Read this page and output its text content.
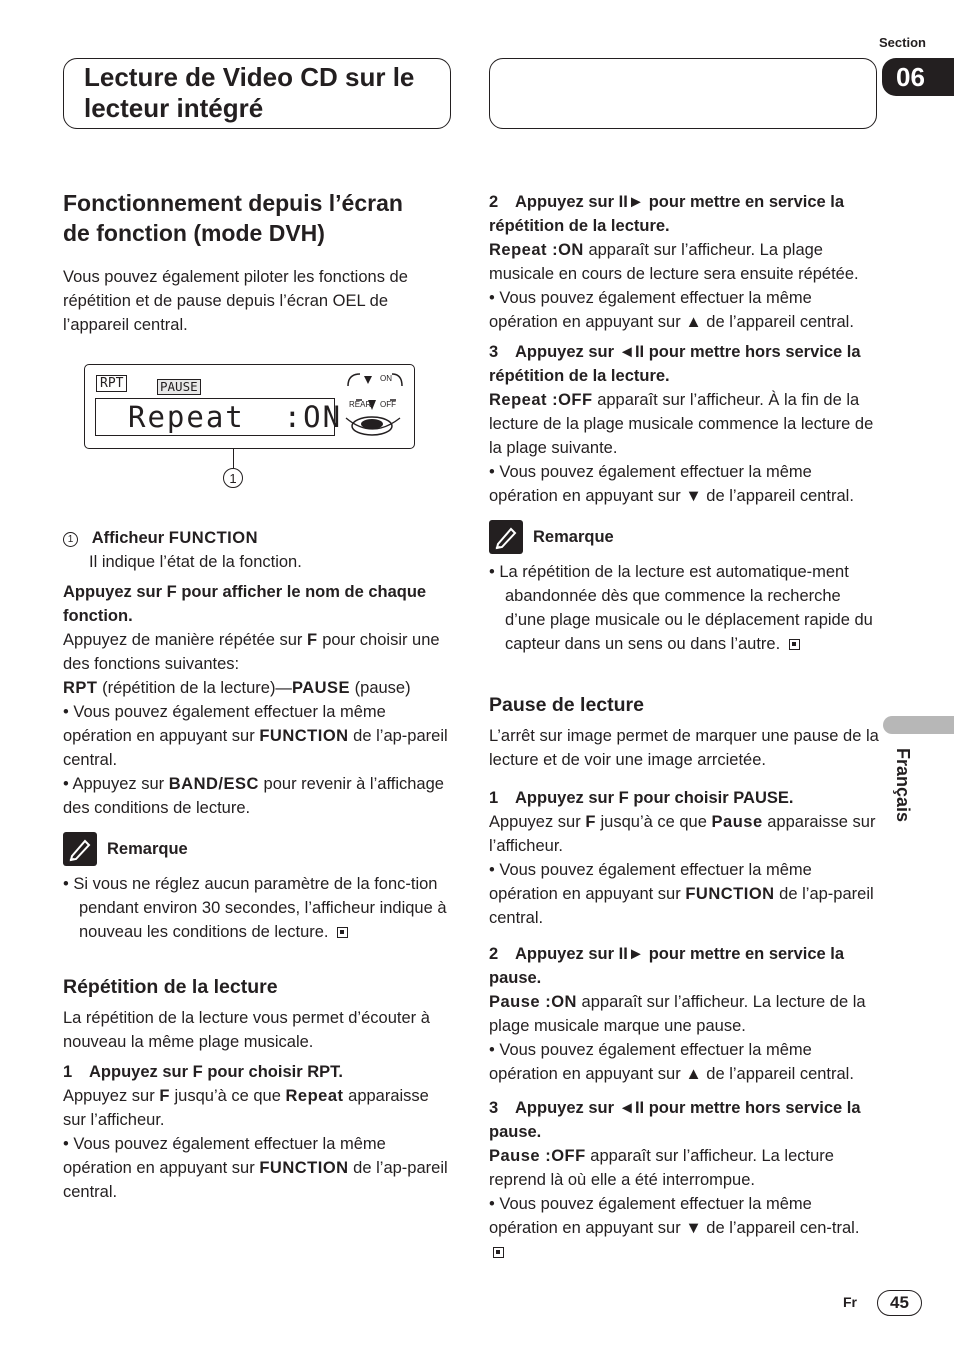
Section
06
Lecture de Video CD sur le
lecteur intégré
Fonctionnement depuis l’écran
de fonction (mode DVH)

Vous pouvez également piloter les fonctions de répétition et de pause depuis l’écran OEL de l’appareil central.

RPT	PAUSE
Repeat  :ON
ON
REAR OFF
1

1 Afficheur FUNCTION

Il indique l’état de la fonction.

Appuyez sur F pour afficher le nom de chaque fonction.

Appuyez de manière répétée sur F pour choisir une des fonctions suivantes:

RPT (répétition de la lecture)—PAUSE (pause)

• Vous pouvez également effectuer la même opération en appuyant sur FUNCTION de l’ap-pareil central.

• Appuyez sur BAND/ESC pour revenir à l’affichage des conditions de lecture.

Remarque

• Si vous ne réglez aucun paramètre de la fonc-tion pendant environ 30 secondes, l’afficheur indique à nouveau les conditions de lecture.

Répétition de la lecture

La répétition de la lecture vous permet d’écouter à nouveau la même plage musicale.

1 Appuyez sur F pour choisir RPT.

Appuyez sur F jusqu’à ce que Repeat apparaisse sur l’afficheur.

• Vous pouvez également effectuer la même opération en appuyant sur FUNCTION de l’ap-pareil central.

2 Appuyez sur II► pour mettre en service la répétition de la lecture.

Repeat :ON apparaît sur l’afficheur. La plage musicale en cours de lecture sera ensuite répétée.

• Vous pouvez également effectuer la même opération en appuyant sur ▲ de l’appareil central.

3 Appuyez sur ◄II pour mettre hors service la répétition de la lecture.

Repeat :OFF apparaît sur l’afficheur. À la fin de la lecture de la plage musicale commence la lecture de la plage suivante.

• Vous pouvez également effectuer la même opération en appuyant sur ▼ de l’appareil central.

Remarque

• La répétition de la lecture est automatique-ment abandonnée dès que commence la recherche d’une plage musicale ou le déplacement rapide du capteur dans un sens ou dans l’autre.

Pause de lecture

L’arrêt sur image permet de marquer une pause de la lecture et de voir une image arrcietée.

1 Appuyez sur F pour choisir PAUSE.

Appuyez sur F jusqu’à ce que Pause apparaisse sur l’afficheur.

• Vous pouvez également effectuer la même opération en appuyant sur FUNCTION de l’ap-pareil central.

2 Appuyez sur II► pour mettre en service la pause.

Pause :ON apparaît sur l’afficheur. La lecture de la plage musicale marque une pause.

• Vous pouvez également effectuer la même opération en appuyant sur ▲ de l’appareil central.

3 Appuyez sur ◄II pour mettre hors service la pause.

Pause :OFF apparaît sur l’afficheur. La lecture reprend là où elle a été interrompue.

• Vous pouvez également effectuer la même opération en appuyant sur ▼ de l’appareil cen-tral.

Français
Fr	45
